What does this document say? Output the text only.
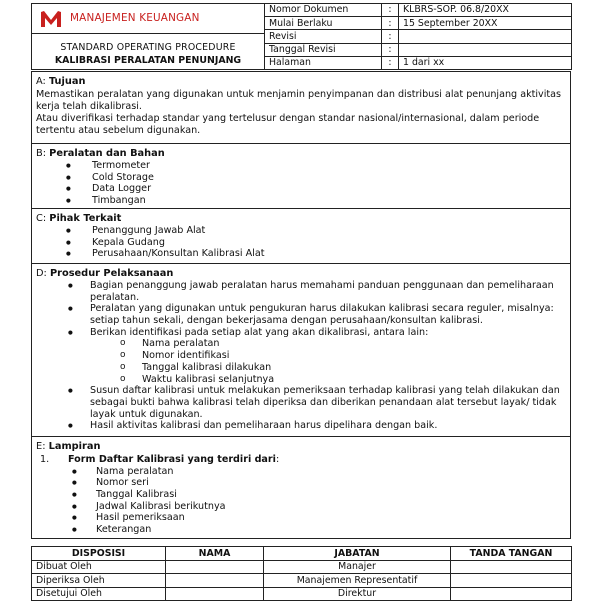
MANAJEMEN KEUANGAN
STANDARD OPERATING PROCEDURE
KALIBRASI PERALATAN PENUNJANG	Nomor Dokumen	:	KLBRS-SOP. 06.8/20XX
	Mulai Berlaku	:	15 September 20XX
	Revisi	:	
	Tanggal Revisi	:	
	Halaman	:	1 dari xx
A: Tujuan

Memastikan peralatan yang digunakan untuk menjamin penyimpanan dan distribusi alat penunjang aktivitas kerja telah dikalibrasi.

Atau diverifikasi terhadap standar yang tertelusur dengan standar nasional/internasional, dalam periode tertentu atau sebelum digunakan.

B: Peralatan dan Bahan
● Termometer
● Cold Storage
● Data Logger
● Timbangan
C: Pihak Terkait
● Penanggung Jawab Alat
● Kepala Gudang
● Perusahaan/Konsultan Kalibrasi Alat
D: Prosedur Pelaksanaan
● Bagian penanggung jawab peralatan harus memahami panduan penggunaan dan pemeliharaan peralatan.
● Peralatan yang digunakan untuk pengukuran harus dilakukan kalibrasi secara reguler, misalnya: setiap tahun sekali, dengan bekerjasama dengan perusahaan/konsultan kalibrasi.
● Berikan identifikasi pada setiap alat yang akan dikalibrasi, antara lain:
o Nama peralatan
o Nomor identifikasi
o Tanggal kalibrasi dilakukan
o Waktu kalibrasi selanjutnya
● Susun daftar kalibrasi untuk melakukan pemeriksaan terhadap kalibrasi yang telah dilakukan dan sebagai bukti bahwa kalibrasi telah diperiksa dan diberikan penandaan alat tersebut layak/ tidak layak untuk digunakan.
● Hasil aktivitas kalibrasi dan pemeliharaan harus dipelihara dengan baik.
E: Lampiran
1. Form Daftar Kalibrasi yang terdiri dari:
● Nama peralatan
● Nomor seri
● Tanggal Kalibrasi
● Jadwal Kalibrasi berikutnya
● Hasil pemeriksaan
● Keterangan
DISPOSISI	NAMA	JABATAN	TANDA TANGAN
Dibuat Oleh		Manajer	
Diperiksa Oleh		Manajemen Representatif	
Disetujui Oleh		Direktur	
